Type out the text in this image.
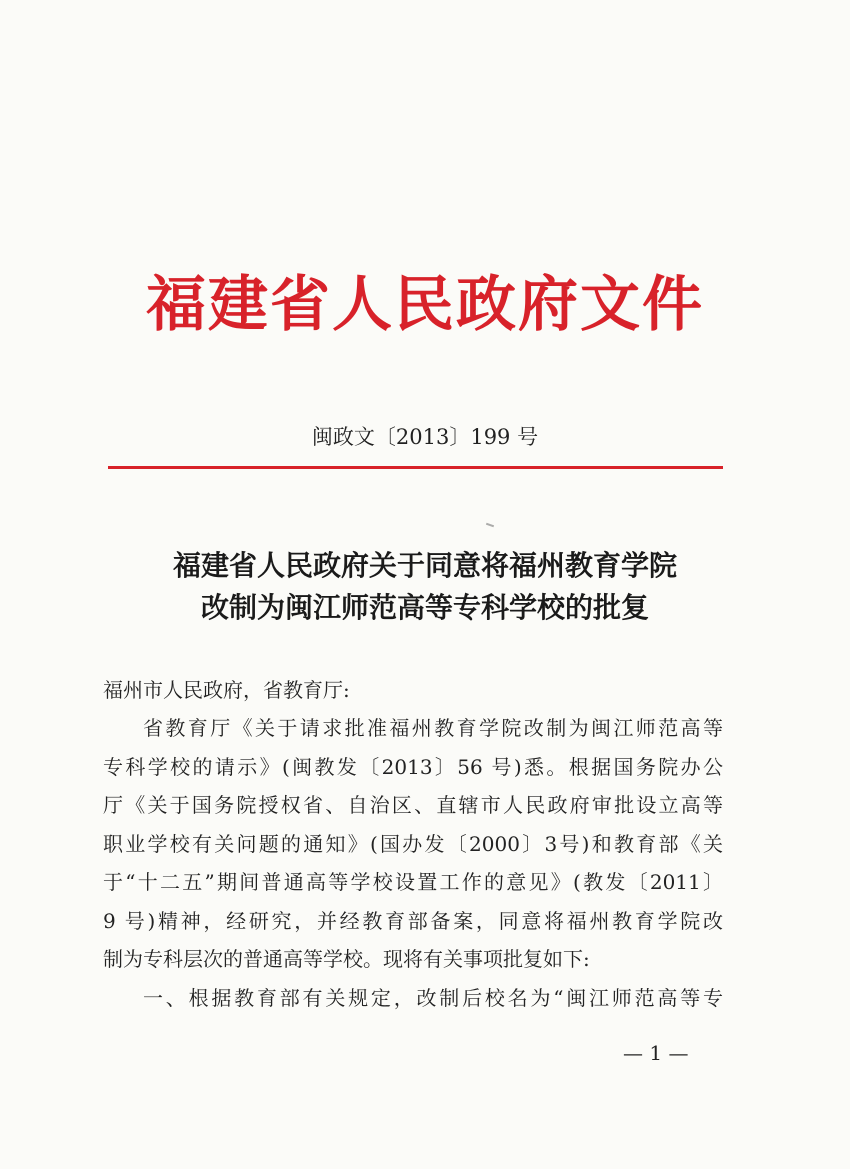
福建省人民政府文件
闽政文〔2013〕199 号
福建省人民政府关于同意将福州教育学院
改制为闽江师范高等专科学校的批复
福州市人民政府，省教育厅:
省教育厅《关于请求批准福州教育学院改制为闽江师范高等
专科学校的请示》(闽教发〔2013〕56 号)悉。根据国务院办公
厅《关于国务院授权省、自治区、直辖市人民政府审批设立高等
职业学校有关问题的通知》(国办发〔2000〕3号)和教育部《关
于“十二五”期间普通高等学校设置工作的意见》(教发〔2011〕
9 号)精神，经研究，并经教育部备案，同意将福州教育学院改
制为专科层次的普通高等学校。现将有关事项批复如下:
一、根据教育部有关规定，改制后校名为“闽江师范高等专
— 1 —
